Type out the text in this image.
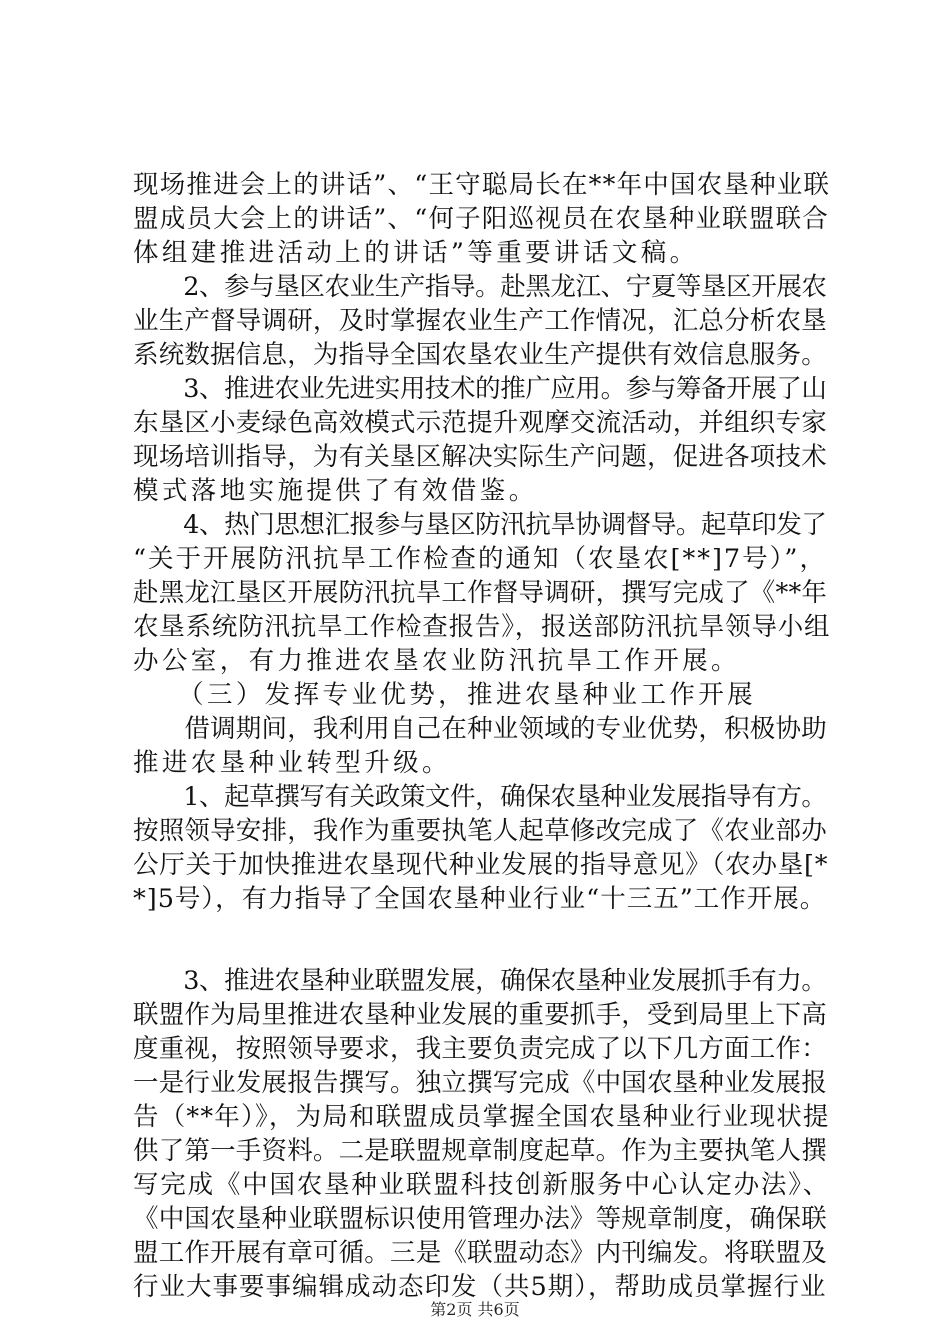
现场推进会上的讲话”、“王守聪局长在**年中国农垦种业联
盟成员大会上的讲话”、“何子阳巡视员在农垦种业联盟联合
体组建推进活动上的讲话”等重要讲话文稿。
　　2、参与垦区农业生产指导。赴黑龙江、宁夏等垦区开展农
业生产督导调研，及时掌握农业生产工作情况，汇总分析农垦
系统数据信息，为指导全国农垦农业生产提供有效信息服务。
　　3、推进农业先进实用技术的推广应用。参与筹备开展了山
东垦区小麦绿色高效模式示范提升观摩交流活动，并组织专家
现场培训指导，为有关垦区解决实际生产问题，促进各项技术
模式落地实施提供了有效借鉴。
　　4、热门思想汇报参与垦区防汛抗旱协调督导。起草印发了
“关于开展防汛抗旱工作检查的通知（农垦农[**]7号）”，
赴黑龙江垦区开展防汛抗旱工作督导调研，撰写完成了《**年
农垦系统防汛抗旱工作检查报告》，报送部防汛抗旱领导小组
办公室，有力推进农垦农业防汛抗旱工作开展。
　　（三）发挥专业优势，推进农垦种业工作开展
　　借调期间，我利用自己在种业领域的专业优势，积极协助
推进农垦种业转型升级。
　　1、起草撰写有关政策文件，确保农垦种业发展指导有方。
按照领导安排，我作为重要执笔人起草修改完成了《农业部办
公厅关于加快推进农垦现代种业发展的指导意见》（农办垦[*
*]5号），有力指导了全国农垦种业行业“十三五”工作开展。
　　3、推进农垦种业联盟发展，确保农垦种业发展抓手有力。
联盟作为局里推进农垦种业发展的重要抓手，受到局里上下高
度重视，按照领导要求，我主要负责完成了以下几方面工作：
一是行业发展报告撰写。独立撰写完成《中国农垦种业发展报
告（**年）》，为局和联盟成员掌握全国农垦种业行业现状提
供了第一手资料。二是联盟规章制度起草。作为主要执笔人撰
写完成《中国农垦种业联盟科技创新服务中心认定办法》、
《中国农垦种业联盟标识使用管理办法》等规章制度，确保联
盟工作开展有章可循。三是《联盟动态》内刊编发。将联盟及
行业大事要事编辑成动态印发（共5期），帮助成员掌握行业
第2页 共6页
